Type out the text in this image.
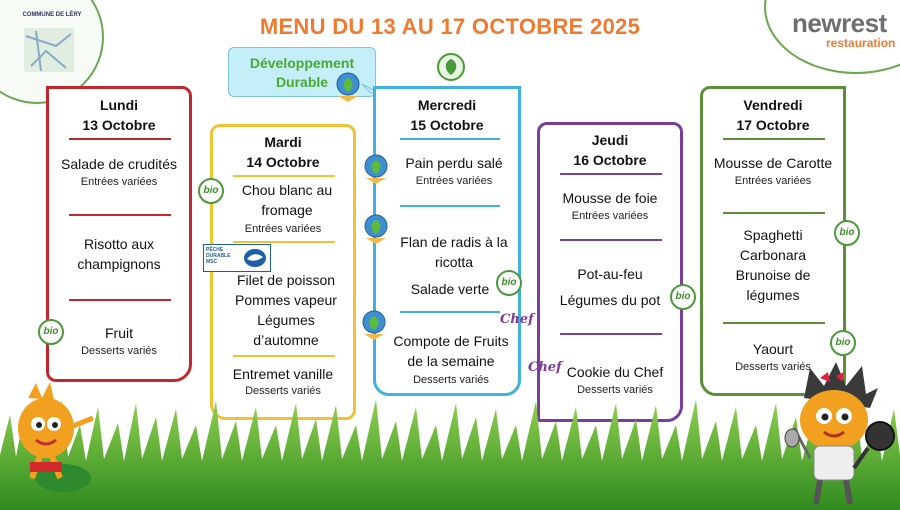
COMMUNE DE LÉRY	newrest
restauration
MENU DU 13 AU 17 OCTOBRE 2025
Développement
Durable
Lundi
13 Octobre
Salade de crudités
Entrées variées
Risotto aux champignons
Fruit
Desserts variés
bio
Mardi
14 Octobre
Chou blanc au fromage
Entrées variées
Filet de poisson Pommes vapeur Légumes d’automne
Entremet vanille
Desserts variés
bio
PÊCHE DURABLE MSC
Mercredi
15 Octobre
Pain perdu salé
Entrées variées
Flan de radis à la ricotta
Salade verte
Compote de Fruits de la semaine
Desserts variés
bio
Chef
Jeudi
16 Octobre
Mousse de foie
Entrées variées
Pot-au-feu
Légumes du pot
Cookie du Chef
Desserts variés
bio
Chef
Vendredi
17 Octobre
Mousse de Carotte
Entrées variées
Spaghetti Carbonara Brunoise de légumes
Yaourt
Desserts variés
bio
bio
